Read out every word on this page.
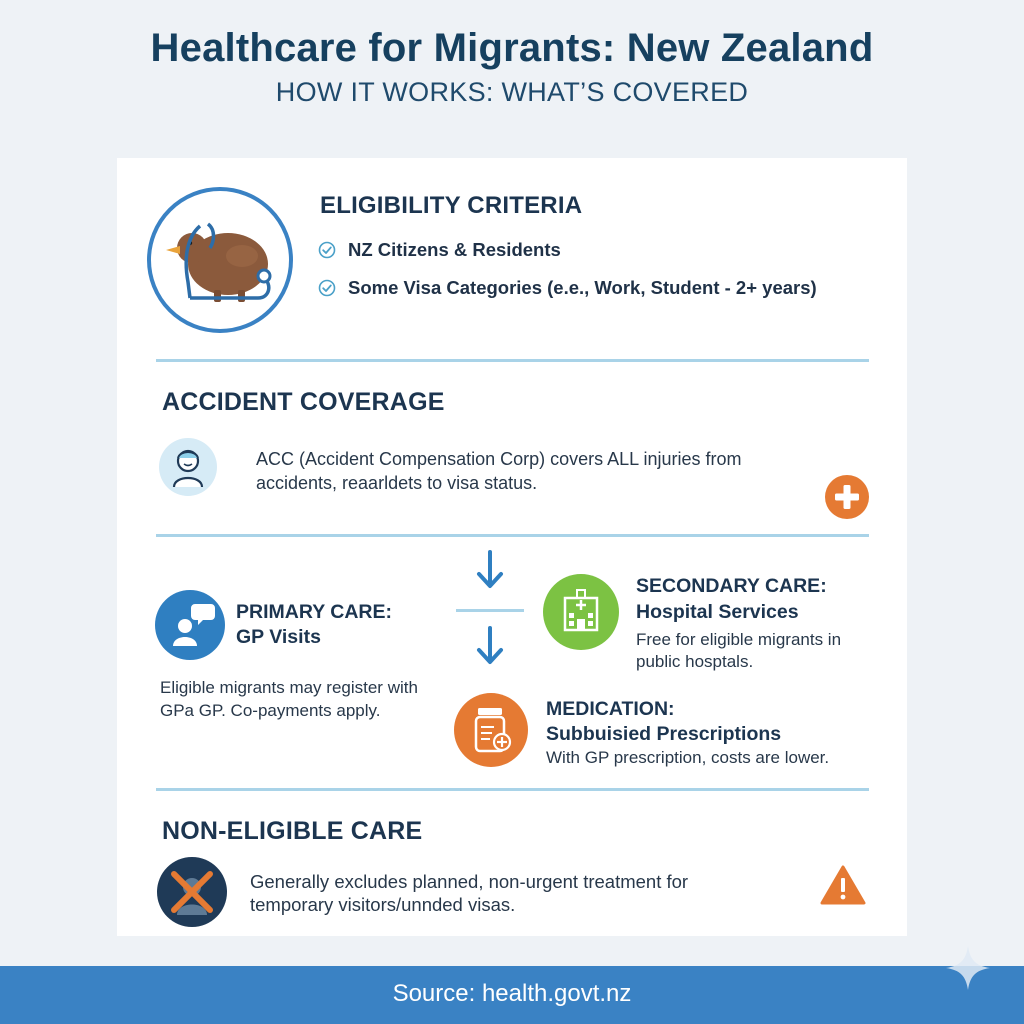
Healthcare for Migrants: New Zealand
HOW IT WORKS: WHAT’S COVERED
ELIGIBILITY CRITERIA
NZ Citizens & Residents
Some Visa Categories (e.e., Work, Student - 2+ years)
ACCIDENT COVERAGE
ACC (Accident Compensation Corp) covers ALL injuries from
accidents, reaarldets to visa status.
PRIMARY CARE:
GP Visits
Eligible migrants may register with
GPa GP. Co-payments apply.
SECONDARY CARE:
Hospital Services
Free for eligible migrants in
public hosptals.
MEDICATION:
Subbuisied Prescriptions
With GP prescription, costs are lower.
NON-ELIGIBLE CARE
Generally excludes planned, non-urgent treatment for
temporary visitors/unnded visas.
Source: health.govt.nz
